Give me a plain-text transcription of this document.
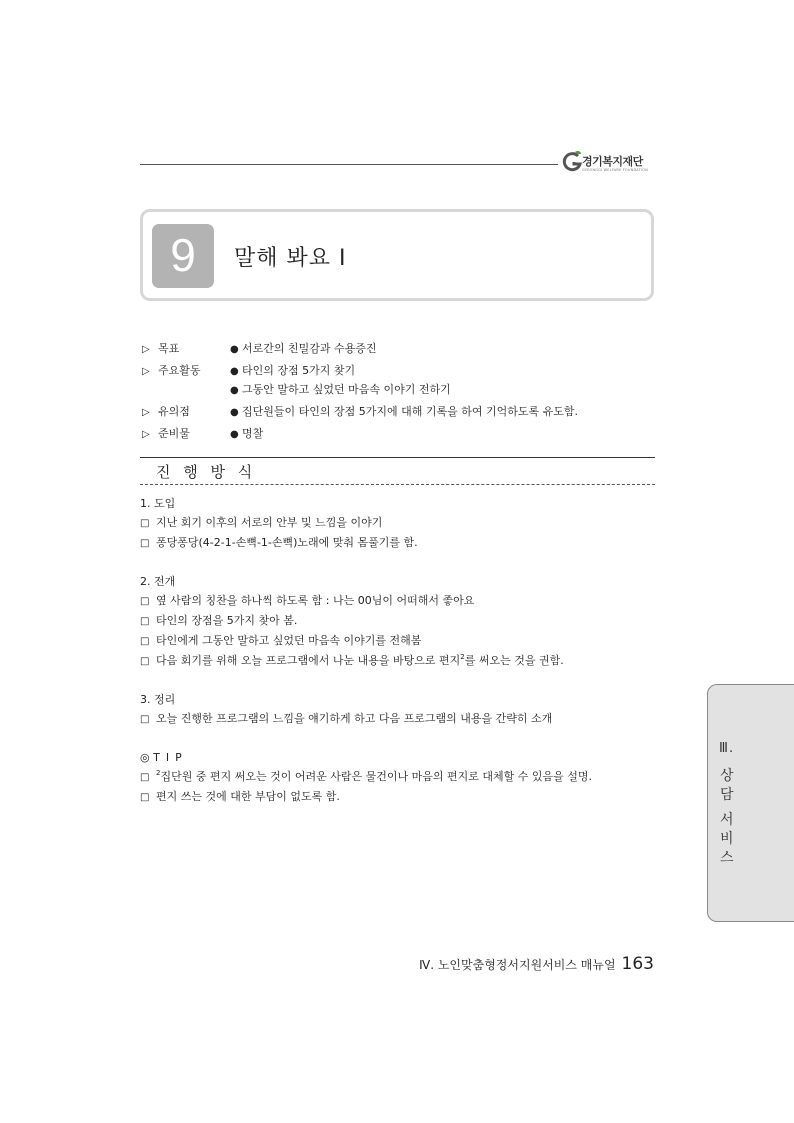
경기복지재단
GYEONGGI WELFARE FOUNDATION
9	말해 봐요 Ⅰ
▷ 목표	● 서로간의 친밀감과 수용증진
▷ 주요활동	● 타인의 장점 5가지 찾기
● 그동안 말하고 싶었던 마음속 이야기 전하기
▷ 유의점	● 집단원들이 타인의 장점 5가지에 대해 기록을 하여 기억하도록 유도함.
▷ 준비물	● 명찰
진 행 방 식
1. 도입
□ 지난 회기 이후의 서로의 안부 및 느낌을 이야기
□ 퐁당퐁당(4-2-1-손뼉-1-손뼉)노래에 맞춰 몸풀기를 함.
2. 전개
□ 옆 사람의 칭찬을 하나씩 하도록 함 : 나는 00님이 어떠해서 좋아요
□ 타인의 장점을 5가지 찾아 봄.
□ 타인에게 그동안 말하고 싶었던 마음속 이야기를 전해봄
□ 다음 회기를 위해 오늘 프로그램에서 나눈 내용을 바탕으로 편지$^2$를 써오는 것을 권함.
3. 정리
□ 오늘 진행한 프로그램의 느낌을 얘기하게 하고 다음 프로그램의 내용을 간략히 소개
◎ TIP
□ $^2$집단원 중 편지 써오는 것이 어려운 사람은 물건이나 마음의 편지로 대체할 수 있음을 설명.
□ 편지 쓰는 것에 대한 부담이 없도록 함.
Ⅲ.
상
담
서
비
스
Ⅳ. 노인맞춤형정서지원서비스 매뉴얼 163
